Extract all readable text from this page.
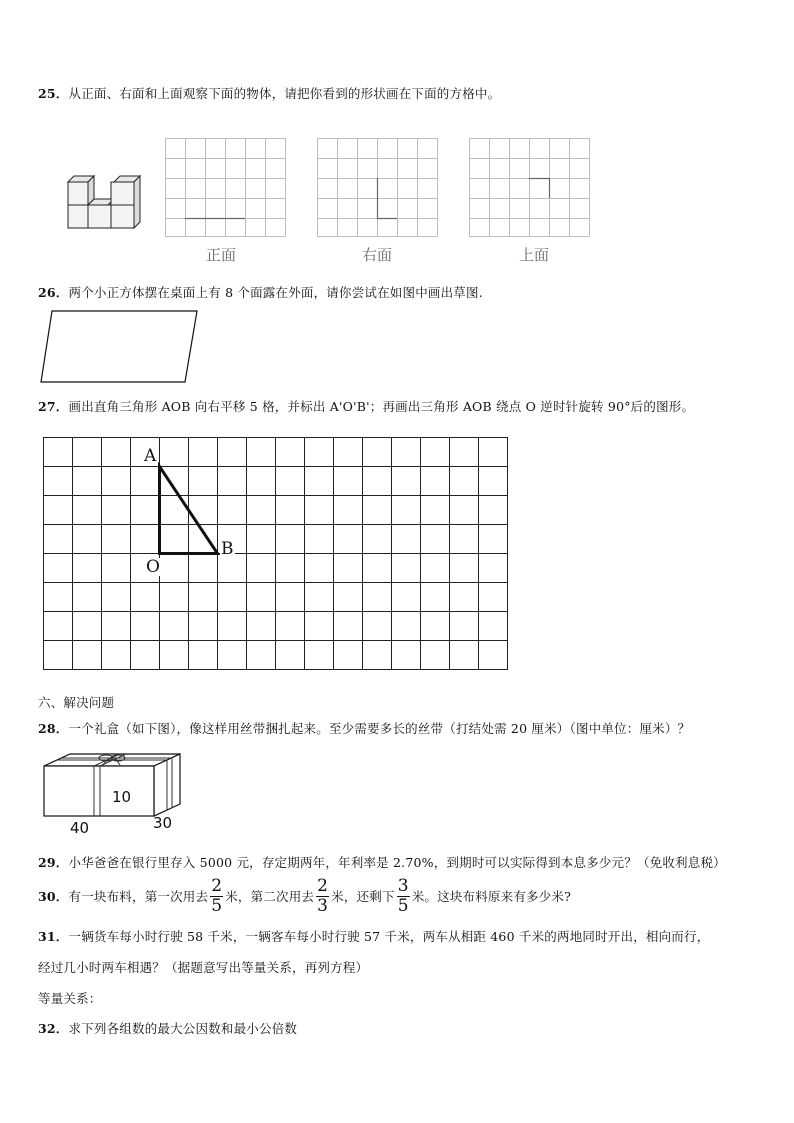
25．从正面、右面和上面观察下面的物体，请把你看到的形状画在下面的方格中。
正面	右面	上面
26．两个小正方体摆在桌面上有 8 个面露在外面，请你尝试在如图中画出草图.
27．画出直角三角形 AOB 向右平移 5 格，并标出 A'O'B'；再画出三角形 AOB 绕点 O 逆时针旋转 90°后的图形。
A
B
O
六、解决问题
28．一个礼盒（如下图），像这样用丝带捆扎起来。至少需要多长的丝带（打结处需 20 厘米）（图中单位：厘米）？
10
40	30
29．小华爸爸在银行里存入 5000 元，存定期两年，年利率是 2.70%，到期时可以实际得到本息多少元？（免收利息税）
30 ． 有一块布料，第一次用去 $\frac{2}{5}$ 米，第二次用去 $\frac{2}{3}$ 米，还剩下 $\frac{3}{5}$ 米。这块布料原来有多少米?
31．一辆货车每小时行驶 58 千米，一辆客车每小时行驶 57 千米，两车从相距 460 千米的两地同时开出，相向而行，
经过几小时两车相遇？（据题意写出等量关系，再列方程）
等量关系：
32．求下列各组数的最大公因数和最小公倍数
